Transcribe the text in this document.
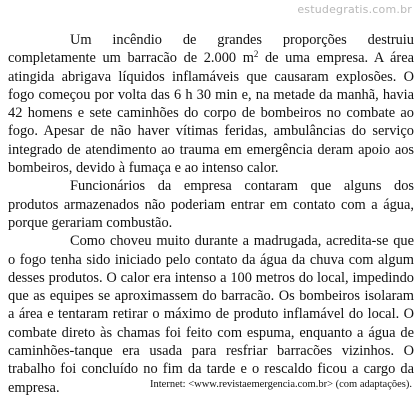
estudegratis.com.br

Um incêndio de grandes proporções destruiu completamente um barracão de 2.000 $m^2$ de uma empresa. A área atingida abrigava líquidos inflamáveis que causaram explosões. O fogo começou por volta das 6 h 30 min e, na metade da manhã, havia 42 homens e sete caminhões do corpo de bombeiros no combate ao fogo. Apesar de não haver vítimas feridas, ambulâncias do serviço integrado de atendimento ao trauma em emergência deram apoio aos bombeiros, devido à fumaça e ao intenso calor.

Funcionários da empresa contaram que alguns dos produtos armazenados não poderiam entrar em contato com a água, porque gerariam combustão.

Como choveu muito durante a madrugada, acredita-se que o fogo tenha sido iniciado pelo contato da água da chuva com algum desses produtos. O calor era intenso a 100 metros do local, impedindo que as equipes se aproximassem do barracão. Os bombeiros isolaram a área e tentaram retirar o máximo de produto inflamável do local. O combate direto às chamas foi feito com espuma, enquanto a água de caminhões-tanque era usada para resfriar barracões vizinhos. O trabalho foi concluído no fim da tarde e o rescaldo ficou a cargo da empresa.	Internet: <www.revistaemergencia.com.br> (com adaptações).
